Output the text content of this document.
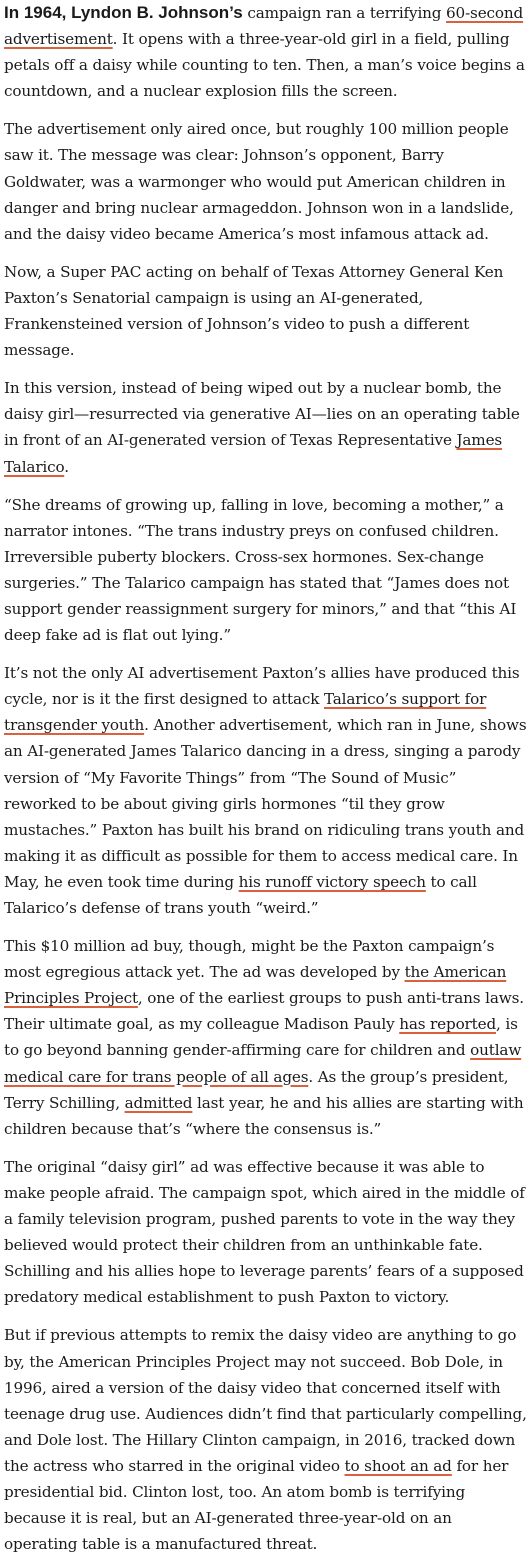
In 1964, Lyndon B. Johnson’s campaign ran a terrifying 60-second advertisement. It opens with a three-year-old girl in a field, pulling petals off a daisy while counting to ten. Then, a man’s voice begins a countdown, and a nuclear explosion fills the screen.

The advertisement only aired once, but roughly 100 million people saw it. The message was clear: Johnson’s opponent, Barry Goldwater, was a warmonger who would put American children in danger and bring nuclear armageddon. Johnson won in a landslide, and the daisy video became America’s most infamous attack ad.

Now, a Super PAC acting on behalf of Texas Attorney General Ken Paxton’s Senatorial campaign is using an AI-generated, Frankensteined version of Johnson’s video to push a different message.

In this version, instead of being wiped out by a nuclear bomb, the daisy girl—resurrected via generative AI—lies on an operating table in front of an AI-generated version of Texas Representative James Talarico.

“She dreams of growing up, falling in love, becoming a mother,” a narrator intones. “The trans industry preys on confused children. Irreversible puberty blockers. Cross-sex hormones. Sex-change surgeries.” The Talarico campaign has stated that “James does not support gender reassignment surgery for minors,” and that “this AI deep fake ad is flat out lying.”

It’s not the only AI advertisement Paxton’s allies have produced this cycle, nor is it the first designed to attack Talarico’s support for transgender youth. Another advertisement, which ran in June, shows an AI-generated James Talarico dancing in a dress, singing a parody version of “My Favorite Things” from “The Sound of Music” reworked to be about giving girls hormones “til they grow mustaches.” Paxton has built his brand on ridiculing trans youth and making it as difficult as possible for them to access medical care. In May, he even took time during his runoff victory speech to call Talarico’s defense of trans youth “weird.”

This $10 million ad buy, though, might be the Paxton campaign’s most egregious attack yet. The ad was developed by the American Principles Project, one of the earliest groups to push anti-trans laws. Their ultimate goal, as my colleague Madison Pauly has reported, is to go beyond banning gender-affirming care for children and outlaw medical care for trans people of all ages. As the group’s president, Terry Schilling, admitted last year, he and his allies are starting with children because that’s “where the consensus is.”

The original “daisy girl” ad was effective because it was able to make people afraid. The campaign spot, which aired in the middle of a family television program, pushed parents to vote in the way they believed would protect their children from an unthinkable fate. Schilling and his allies hope to leverage parents’ fears of a supposed predatory medical establishment to push Paxton to victory.

But if previous attempts to remix the daisy video are anything to go by, the American Principles Project may not succeed. Bob Dole, in 1996, aired a version of the daisy video that concerned itself with teenage drug use. Audiences didn’t find that particularly compelling, and Dole lost. The Hillary Clinton campaign, in 2016, tracked down the actress who starred in the original video to shoot an ad for her presidential bid. Clinton lost, too. An atom bomb is terrifying because it is real, but an AI-generated three-year-old on an operating table is a manufactured threat.
